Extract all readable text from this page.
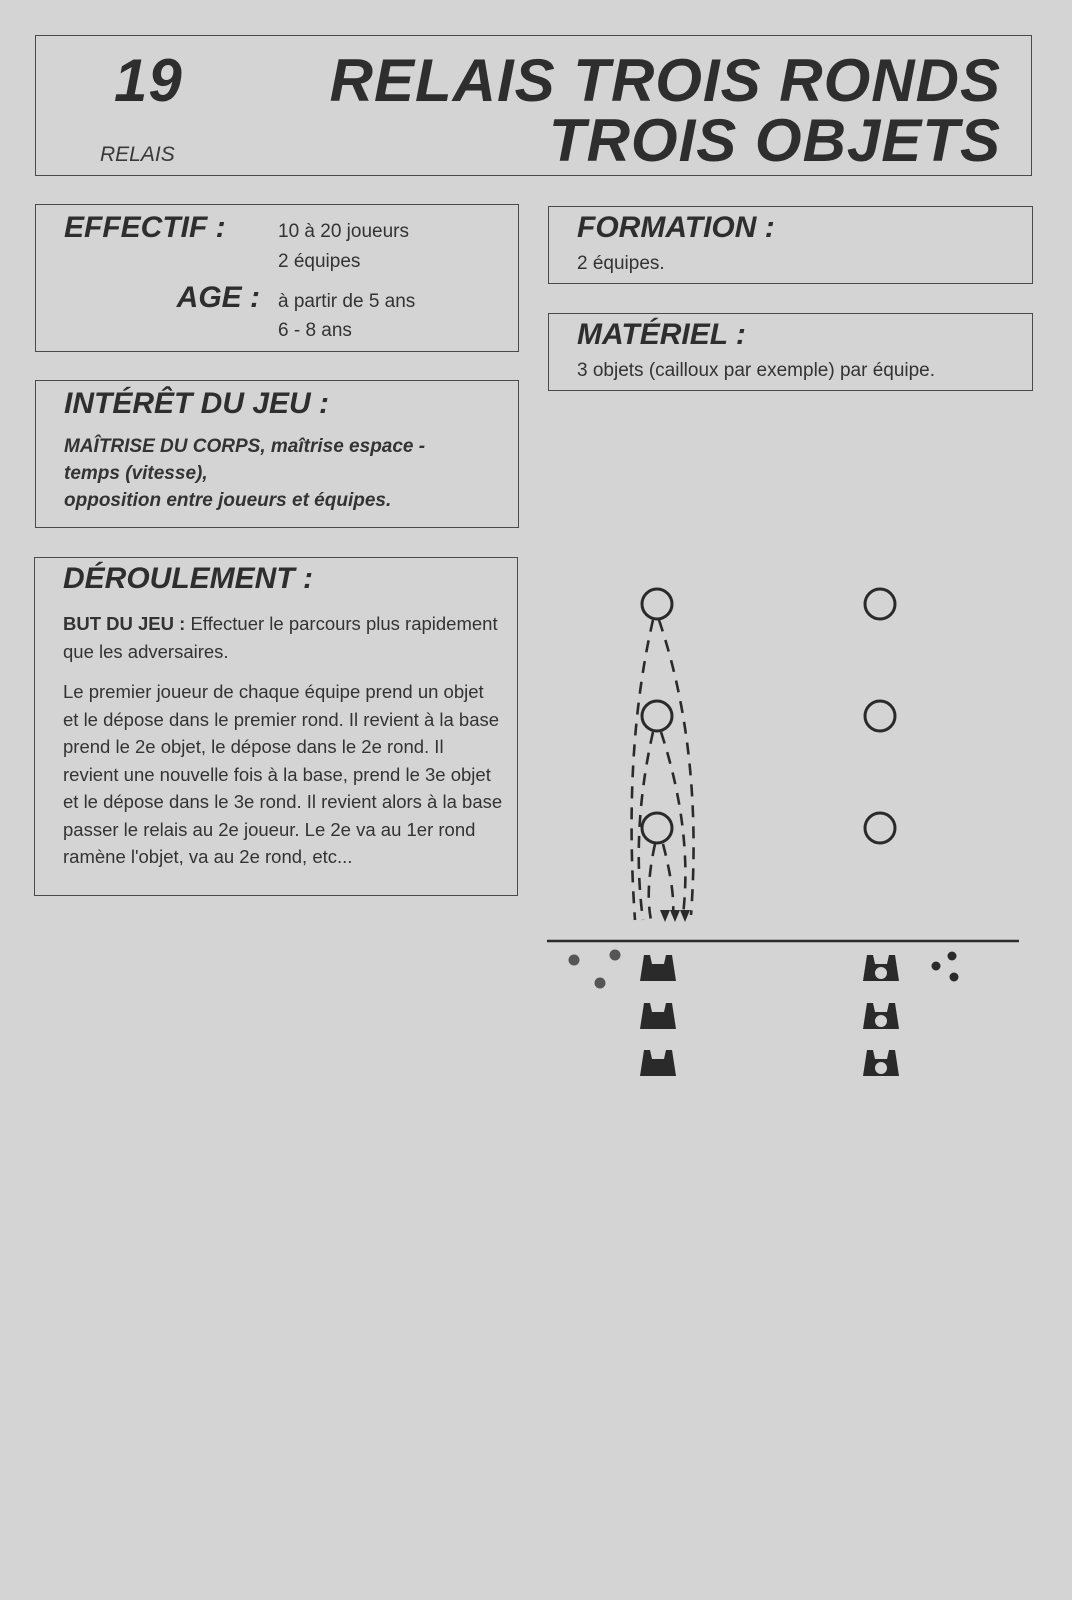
19 RELAIS TROIS RONDS
TROIS OBJETS
RELAIS
EFFECTIF :	10 à 20 joueurs
2 équipes
AGE : à partir de 5 ans
6 - 8 ans
FORMATION :
2 équipes.
MATÉRIEL :
3 objets (cailloux par exemple) par équipe.
INTÉRÊT DU JEU :
MAÎTRISE DU CORPS, maîtrise espace -
temps (vitesse),
opposition entre joueurs et équipes.
DÉROULEMENT :
BUT DU JEU : Effectuer le parcours plus rapidement que les adversaires.
Le premier joueur de chaque équipe prend un objet et le dépose dans le premier rond. Il revient à la base prend le 2e objet, le dépose dans le 2e rond. Il revient une nouvelle fois à la base, prend le 3e objet et le dépose dans le 3e rond. Il revient alors à la base passer le relais au 2e joueur. Le 2e va au 1er rond ramène l'objet, va au 2e rond, etc...
